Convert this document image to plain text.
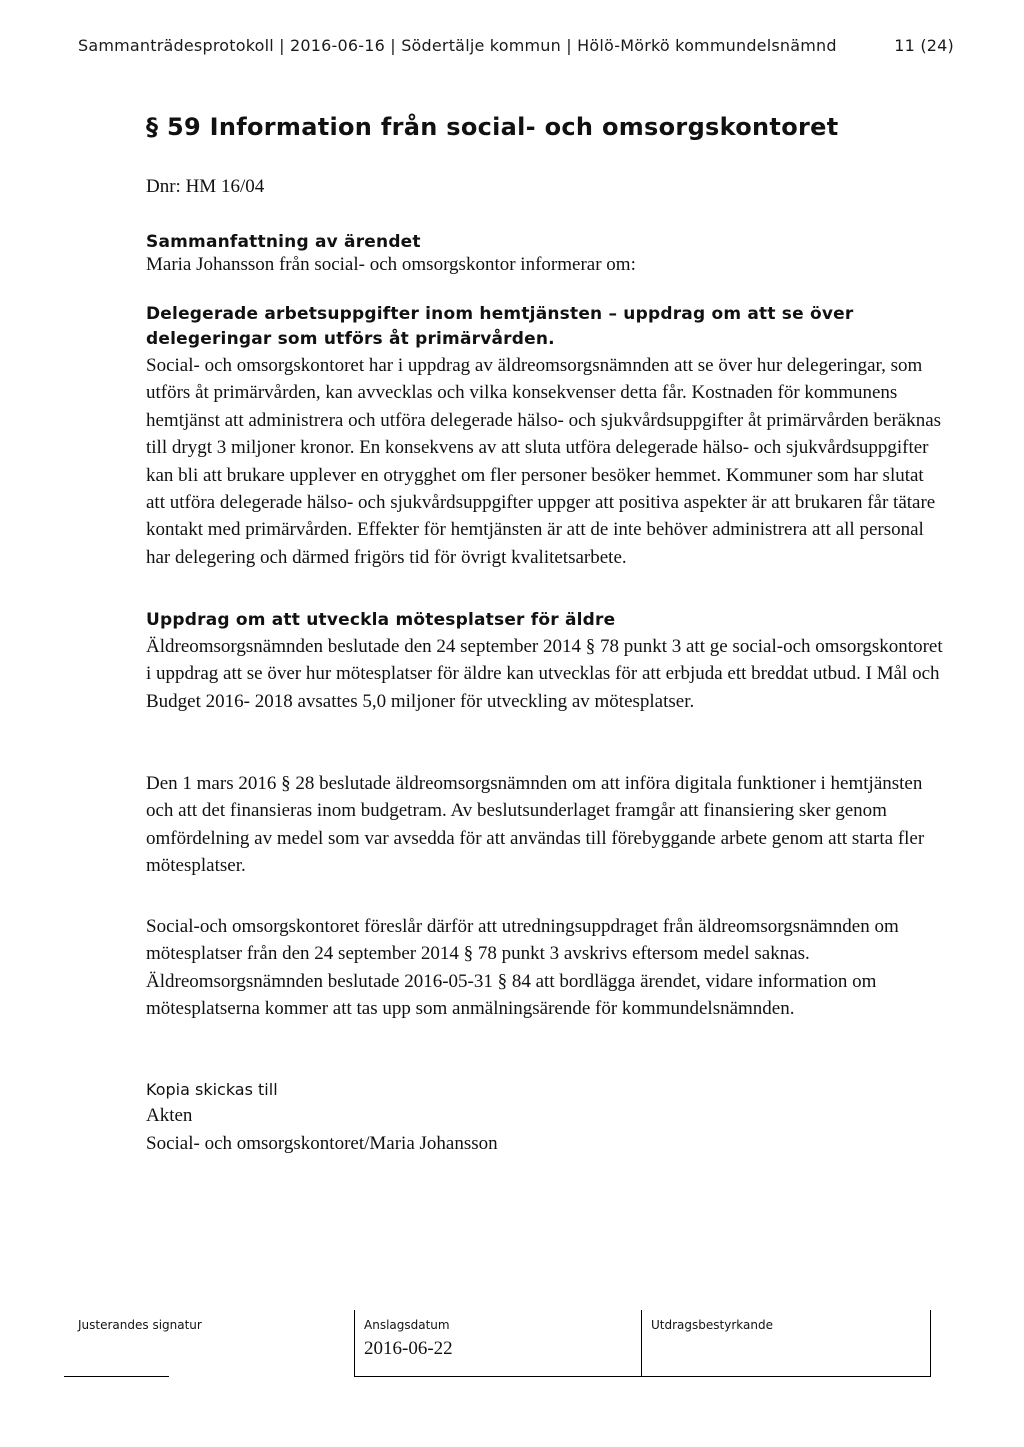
Sammanträdesprotokoll | 2016-06-16 | Södertälje kommun | Hölö-Mörkö kommundelsnämnd	11 (24)
§ 59 Information från social- och omsorgskontoret
Dnr: HM 16/04

Sammanfattning av ärendet

Maria Johansson från social- och omsorgskontor informerar om:

Delegerade arbetsuppgifter inom hemtjänsten – uppdrag om att se över delegeringar som utförs åt primärvården.

Social- och omsorgskontoret har i uppdrag av äldreomsorgsnämnden att se över hur delegeringar, som utförs åt primärvården, kan avvecklas och vilka konsekvenser detta får. Kostnaden för kommunens hemtjänst att administrera och utföra delegerade hälso- och sjukvårdsuppgifter åt primärvården beräknas till drygt 3 miljoner kronor. En konsekvens av att sluta utföra delegerade hälso- och sjukvårdsuppgifter kan bli att brukare upplever en otrygghet om fler personer besöker hemmet. Kommuner som har slutat att utföra delegerade hälso- och sjukvårdsuppgifter uppger att positiva aspekter är att brukaren får tätare kontakt med primärvården. Effekter för hemtjänsten är att de inte behöver administrera att all personal har delegering och därmed frigörs tid för övrigt kvalitetsarbete.

Uppdrag om att utveckla mötesplatser för äldre

Äldreomsorgsnämnden beslutade den 24 september 2014 § 78 punkt 3 att ge social-och omsorgskontoret i uppdrag att se över hur mötesplatser för äldre kan utvecklas för att erbjuda ett breddat utbud. I Mål och Budget 2016- 2018 avsattes 5,0 miljoner för utveckling av mötesplatser.

Den 1 mars 2016 § 28 beslutade äldreomsorgsnämnden om att införa digitala funktioner i hemtjänsten och att det finansieras inom budgetram. Av beslutsunderlaget framgår att finansiering sker genom omfördelning av medel som var avsedda för att användas till förebyggande arbete genom att starta fler mötesplatser.

Social-och omsorgskontoret föreslår därför att utredningsuppdraget från äldreomsorgsnämnden om mötesplatser från den 24 september 2014 § 78 punkt 3 avskrivs eftersom medel saknas. Äldreomsorgsnämnden beslutade 2016-05-31 § 84 att bordlägga ärendet, vidare information om mötesplatserna kommer att tas upp som anmälningsärende för kommundelsnämnden.

Kopia skickas till
Akten
Social- och omsorgskontoret/Maria Johansson
Justerandes signatur	Anslagsdatum
2016-06-22
Utdragsbestyrkande
